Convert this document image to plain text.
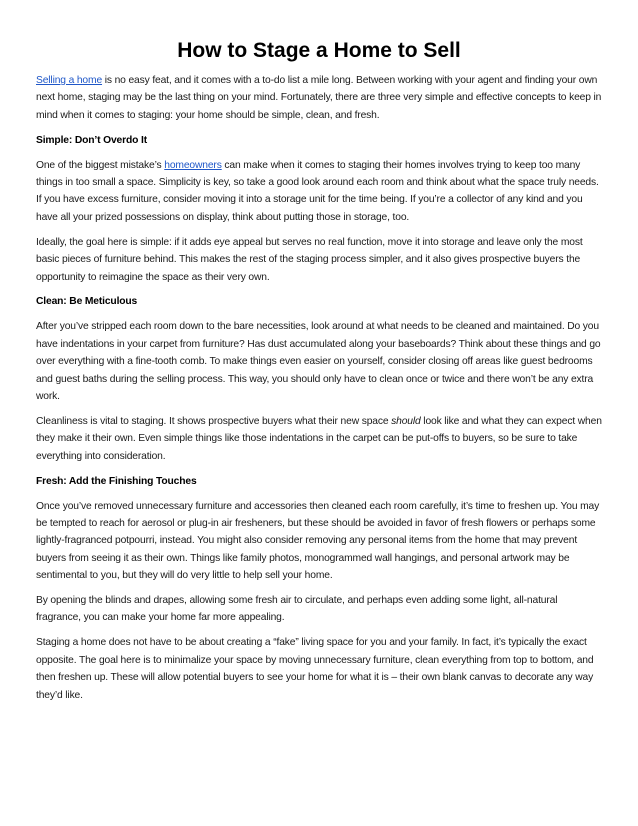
How to Stage a Home to Sell

Selling a home is no easy feat, and it comes with a to-do list a mile long. Between working with your agent and finding your own next home, staging may be the last thing on your mind. Fortunately, there are three very simple and effective concepts to keep in mind when it comes to staging: your home should be simple, clean, and fresh.

Simple: Don’t Overdo It

One of the biggest mistake’s homeowners can make when it comes to staging their homes involves trying to keep too many things in too small a space. Simplicity is key, so take a good look around each room and think about what the space truly needs. If you have excess furniture, consider moving it into a storage unit for the time being. If you’re a collector of any kind and you have all your prized possessions on display, think about putting those in storage, too.

Ideally, the goal here is simple: if it adds eye appeal but serves no real function, move it into storage and leave only the most basic pieces of furniture behind. This makes the rest of the staging process simpler, and it also gives prospective buyers the opportunity to reimagine the space as their very own.

Clean: Be Meticulous

After you’ve stripped each room down to the bare necessities, look around at what needs to be cleaned and maintained. Do you have indentations in your carpet from furniture? Has dust accumulated along your baseboards? Think about these things and go over everything with a fine-tooth comb. To make things even easier on yourself, consider closing off areas like guest bedrooms and guest baths during the selling process. This way, you should only have to clean once or twice and there won’t be any extra work.

Cleanliness is vital to staging. It shows prospective buyers what their new space should look like and what they can expect when they make it their own. Even simple things like those indentations in the carpet can be put-offs to buyers, so be sure to take everything into consideration.

Fresh: Add the Finishing Touches

Once you’ve removed unnecessary furniture and accessories then cleaned each room carefully, it’s time to freshen up. You may be tempted to reach for aerosol or plug-in air fresheners, but these should be avoided in favor of fresh flowers or perhaps some lightly-fragranced potpourri, instead. You might also consider removing any personal items from the home that may prevent buyers from seeing it as their own. Things like family photos, monogrammed wall hangings, and personal artwork may be sentimental to you, but they will do very little to help sell your home.

By opening the blinds and drapes, allowing some fresh air to circulate, and perhaps even adding some light, all-natural fragrance, you can make your home far more appealing.

Staging a home does not have to be about creating a “fake” living space for you and your family. In fact, it’s typically the exact opposite. The goal here is to minimalize your space by moving unnecessary furniture, clean everything from top to bottom, and then freshen up. These will allow potential buyers to see your home for what it is – their own blank canvas to decorate any way they’d like.
